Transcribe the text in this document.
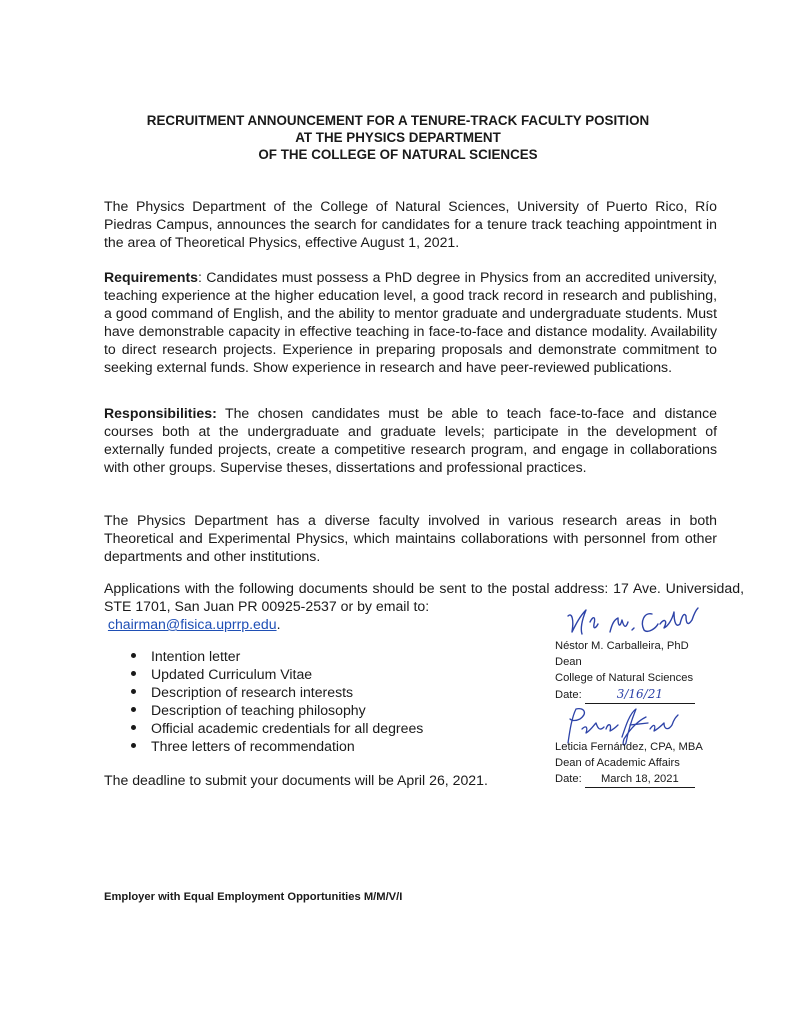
RECRUITMENT ANNOUNCEMENT FOR A TENURE-TRACK FACULTY POSITION
AT THE PHYSICS DEPARTMENT
OF THE COLLEGE OF NATURAL SCIENCES

The Physics Department of the College of Natural Sciences, University of Puerto Rico, Río Piedras Campus, announces the search for candidates for a tenure track teaching appointment in the area of Theoretical Physics, effective August 1, 2021.

Requirements: Candidates must possess a PhD degree in Physics from an accredited university, teaching experience at the higher education level, a good track record in research and publishing, a good command of English, and the ability to mentor graduate and undergraduate students. Must have demonstrable capacity in effective teaching in face-to-face and distance modality. Availability to direct research projects. Experience in preparing proposals and demonstrate commitment to seeking external funds. Show experience in research and have peer-reviewed publications.

Responsibilities: The chosen candidates must be able to teach face-to-face and distance courses both at the undergraduate and graduate levels; participate in the development of externally funded projects, create a competitive research program, and engage in collaborations with other groups. Supervise theses, dissertations and professional practices.

The Physics Department has a diverse faculty involved in various research areas in both Theoretical and Experimental Physics, which maintains collaborations with personnel from other departments and other institutions.

Applications with the following documents should be sent to the postal address: 17 Ave. Universidad, STE 1701, San Juan PR 00925-2537 or by email to:
chairman@fisica.uprrp.edu.

Intention letter
Updated Curriculum Vitae
Description of research interests
Description of teaching philosophy
Official academic credentials for all degrees
Three letters of recommendation
The deadline to submit your documents will be April 26, 2021.
Néstor M. Carballeira, PhD
Dean
College of Natural Sciences
Date:	3/16/21
Leticia Fernández, CPA, MBA
Dean of Academic Affairs
Date: March 18, 2021
Employer with Equal Employment Opportunities M/M/V/I
